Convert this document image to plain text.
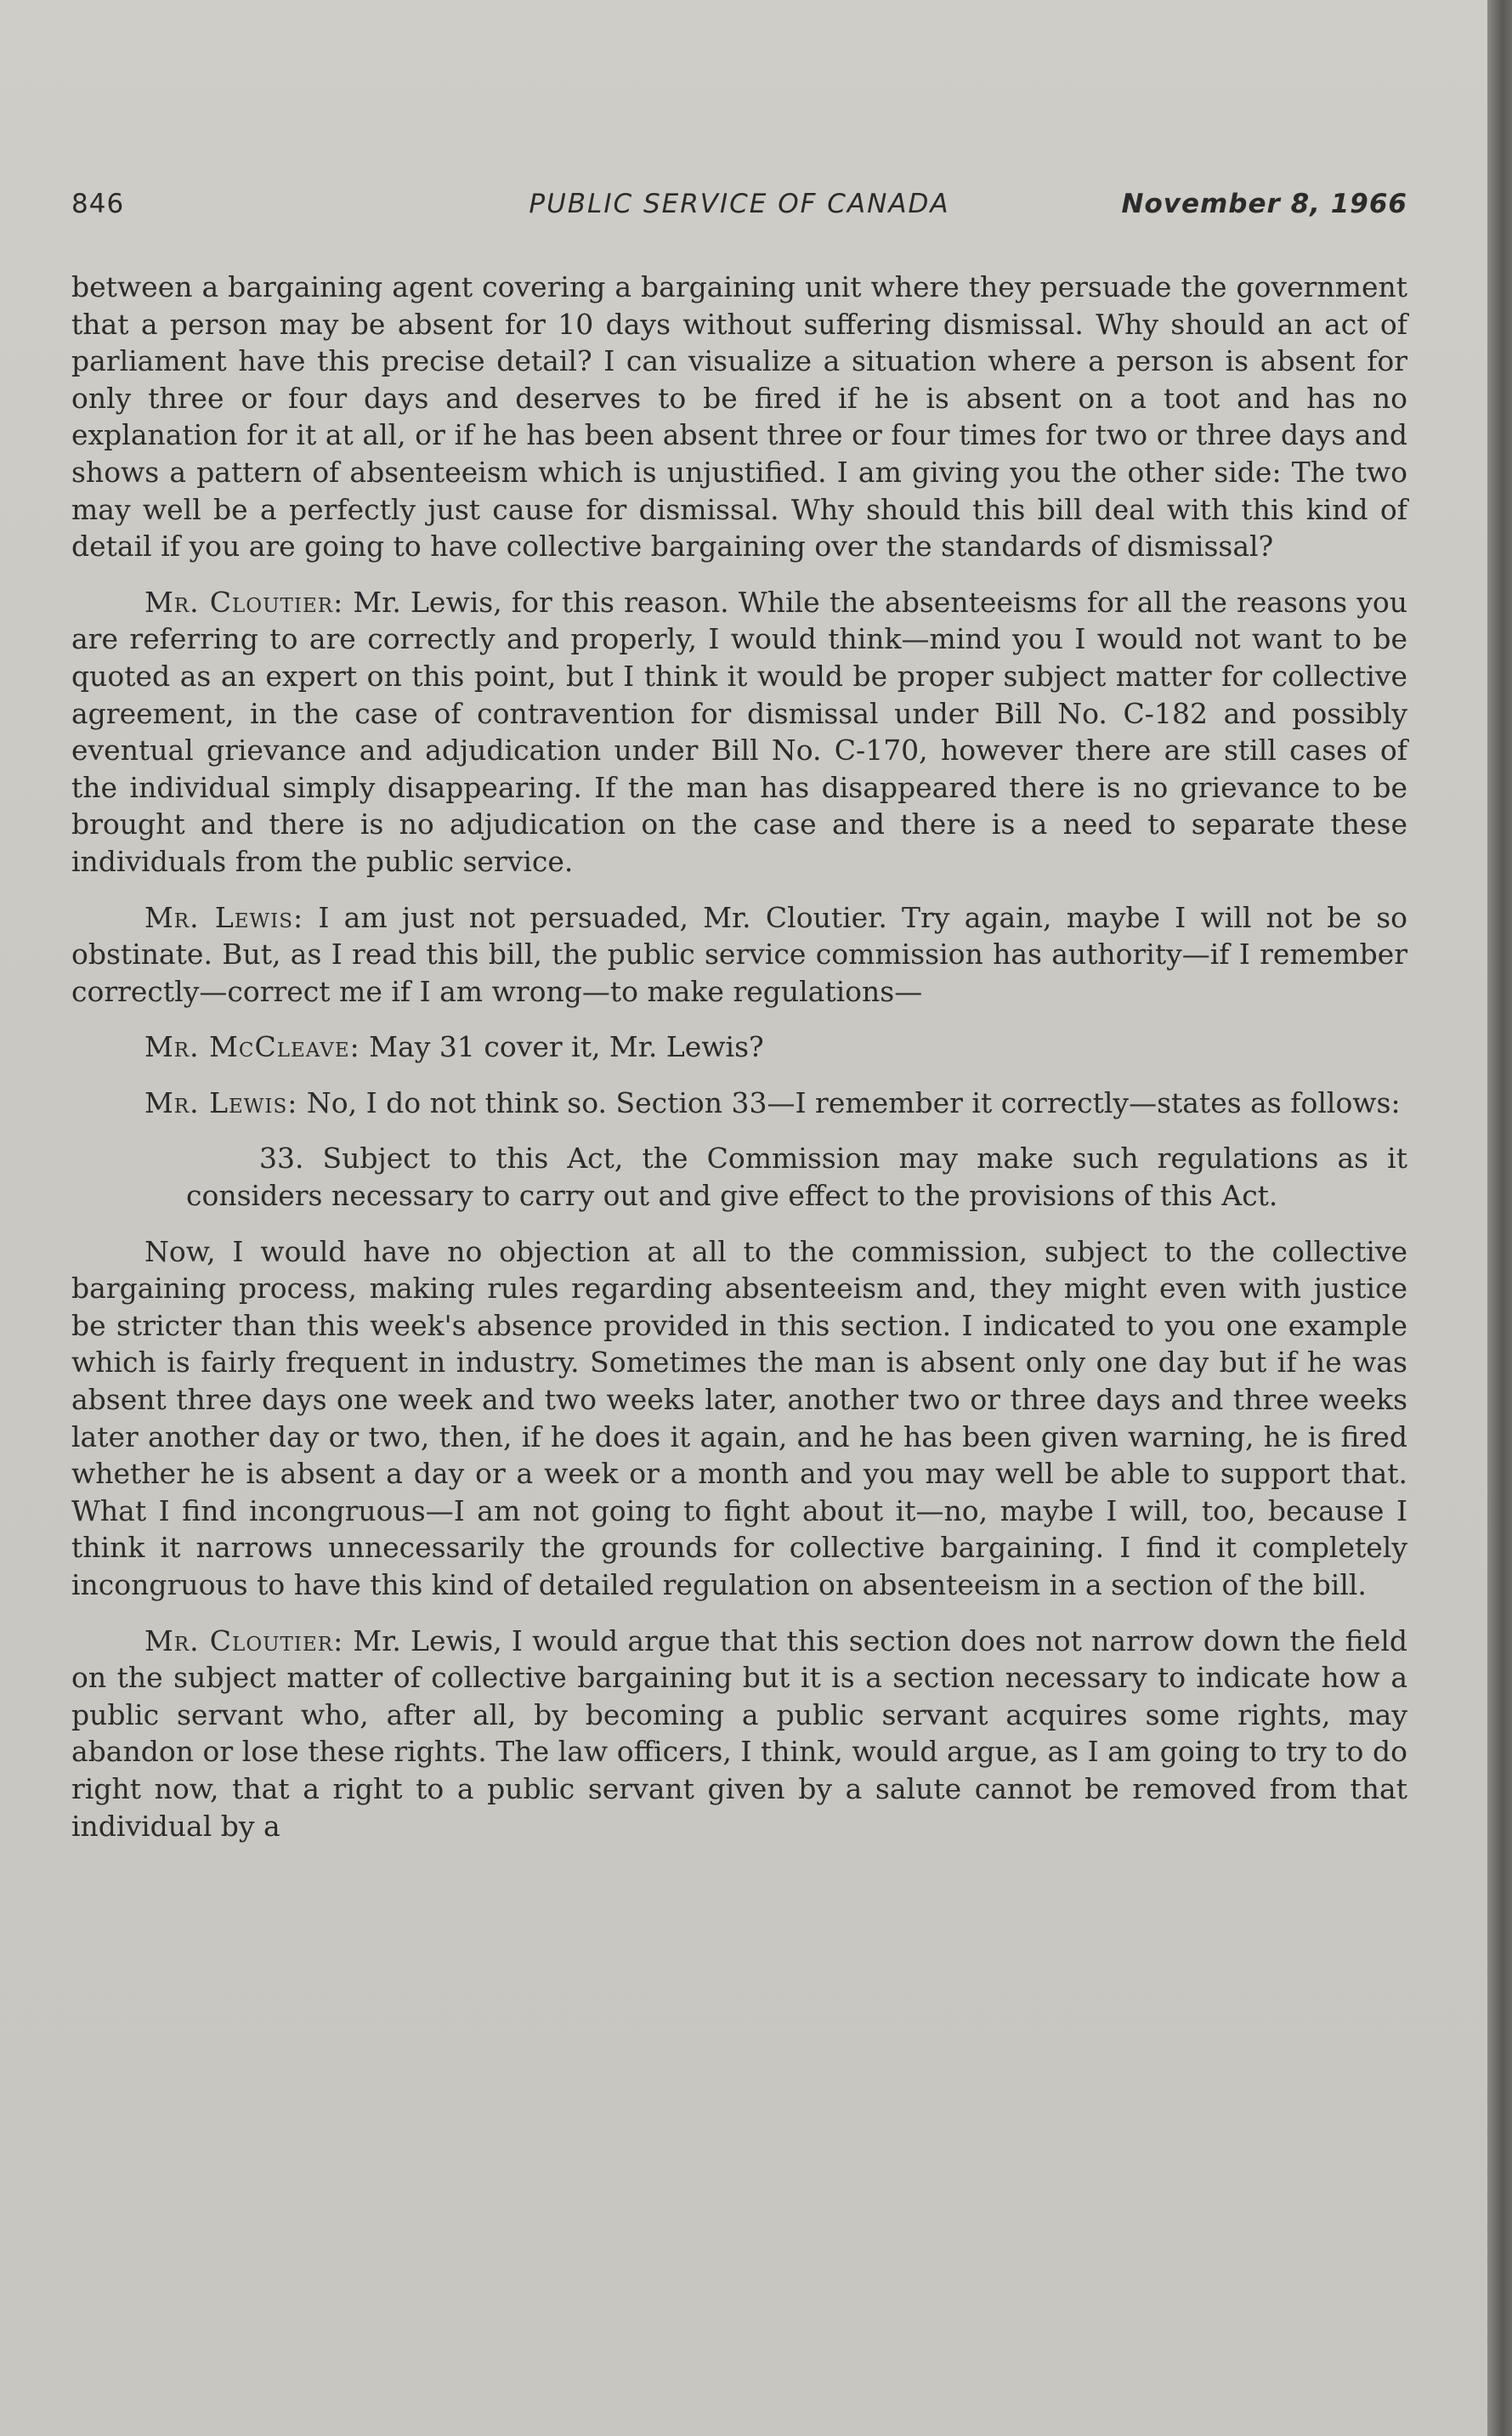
846	PUBLIC SERVICE OF CANADA	November 8, 1966

between a bargaining agent covering a bargaining unit where they persuade the government that a person may be absent for 10 days without suffering dismissal. Why should an act of parliament have this precise detail? I can visualize a situation where a person is absent for only three or four days and deserves to be fired if he is absent on a toot and has no explanation for it at all, or if he has been absent three or four times for two or three days and shows a pattern of absenteeism which is unjustified. I am giving you the other side: The two may well be a perfectly just cause for dismissal. Why should this bill deal with this kind of detail if you are going to have collective bargaining over the standards of dismissal?

Mr. Cloutier: Mr. Lewis, for this reason. While the absenteeisms for all the reasons you are referring to are correctly and properly, I would think—mind you I would not want to be quoted as an expert on this point, but I think it would be proper subject matter for collective agreement, in the case of contravention for dismissal under Bill No. C-182 and possibly eventual grievance and adjudication under Bill No. C-170, however there are still cases of the individual simply disappearing. If the man has disappeared there is no grievance to be brought and there is no adjudication on the case and there is a need to separate these individuals from the public service.

Mr. Lewis: I am just not persuaded, Mr. Cloutier. Try again, maybe I will not be so obstinate. But, as I read this bill, the public service commission has authority—if I remember correctly—correct me if I am wrong—to make regulations—

Mr. McCleave: May 31 cover it, Mr. Lewis?

Mr. Lewis: No, I do not think so. Section 33—I remember it correctly—states as follows:

33. Subject to this Act, the Commission may make such regulations as it considers necessary to carry out and give effect to the provisions of this Act.

Now, I would have no objection at all to the commission, subject to the collective bargaining process, making rules regarding absenteeism and, they might even with justice be stricter than this week's absence provided in this section. I indicated to you one example which is fairly frequent in industry. Sometimes the man is absent only one day but if he was absent three days one week and two weeks later, another two or three days and three weeks later another day or two, then, if he does it again, and he has been given warning, he is fired whether he is absent a day or a week or a month and you may well be able to support that. What I find incongruous—I am not going to fight about it—no, maybe I will, too, because I think it narrows unnecessarily the grounds for collective bargaining. I find it completely incongruous to have this kind of detailed regulation on absenteeism in a section of the bill.

Mr. Cloutier: Mr. Lewis, I would argue that this section does not narrow down the field on the subject matter of collective bargaining but it is a section necessary to indicate how a public servant who, after all, by becoming a public servant acquires some rights, may abandon or lose these rights. The law officers, I think, would argue, as I am going to try to do right now, that a right to a public servant given by a salute cannot be removed from that individual by a
